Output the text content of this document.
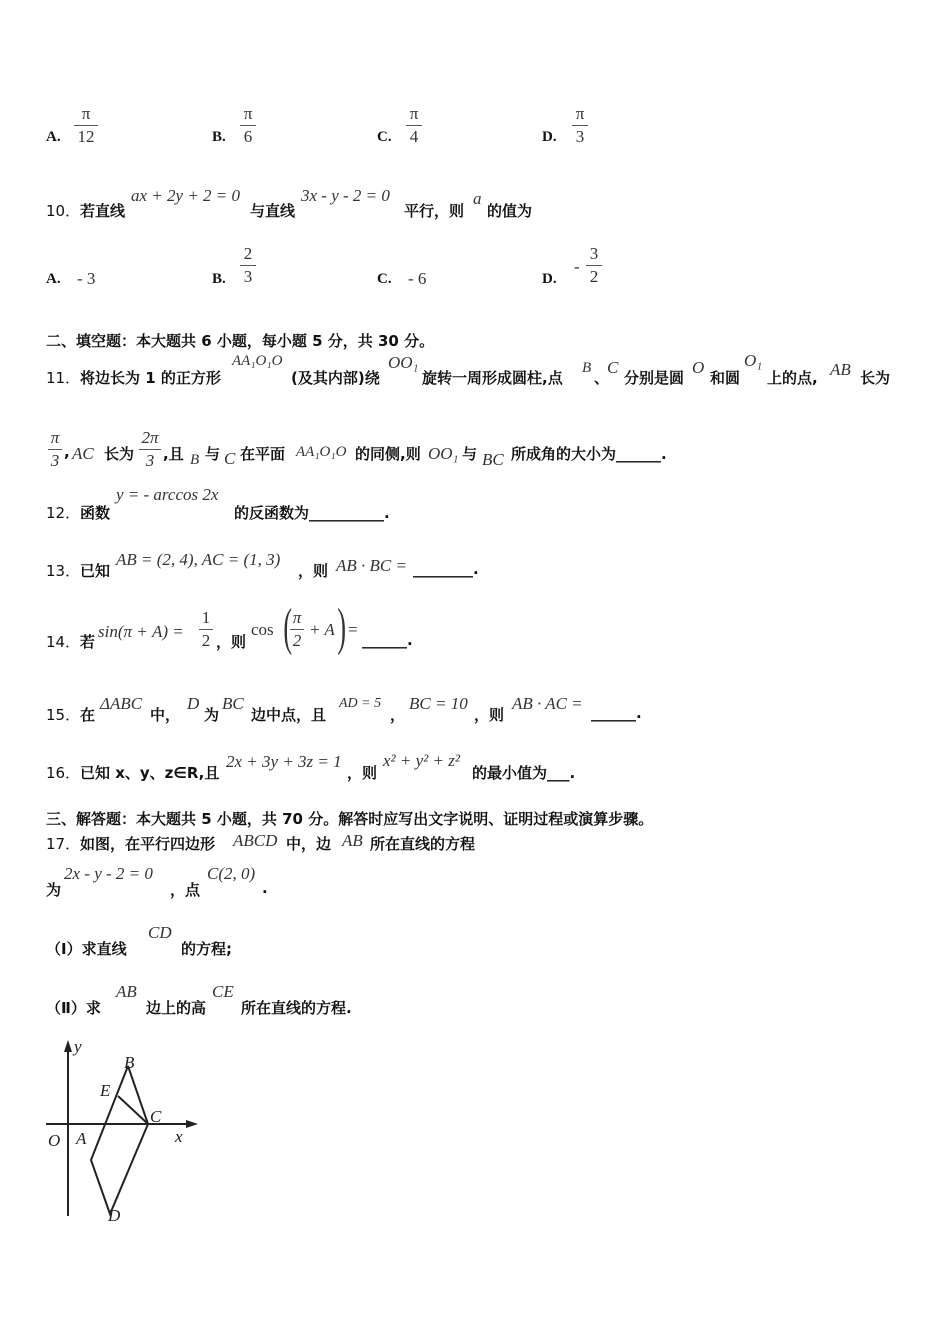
A.
π
12	B.
π
6	C.
π
4	D.
π
3
10． 若直线
ax + 2y + 2 = 0
与直线
3x - y - 2 = 0
平行，则
a
的值为
A. - 3	B.
2
3	C. - 6	D.
-
3
2
二、填空题：本大题共 6 小题，每小题 5 分，共 30 分。
11． 将边长为 1 的正方形
AA₁O₁O
(及其内部)绕
OO₁
旋转一周形成圆柱,点
B
、
C
分别是圆
O
和圆
O₁
上的点, AB 长为
π
3 , AC 长为
2π
3 ,且 B 与 C 在平面 AA₁O₁O 的同侧,则 OO₁ 与 BC 所成角的大小为______.
12． 函数
y = - arccos 2x
的反函数为__________.
13． 已知
AB = (2, 4), AC = (1, 3)
，则 AB · BC = ________.
14． 若
sin(π + A) =
1
2 ，则
cos ( π
2
+ A ) =
______.
15． 在
ΔABC
中，
D
为
BC
边中点，且
AD = 5
，
BC = 10
，则
AB · AC = ______.
16． 已知 x、y、z∈R,且
2x + 3y + 3z = 1
，则
x² + y² + z²
的最小值为___.
三、解答题：本大题共 5 小题，共 70 分。解答时应写出文字说明、证明过程或演算步骤。
17． 如图，在平行四边形 ABCD 中，边 AB 所在直线的方程
为
2x - y - 2 = 0
，点
C(2, 0)
.
（Ⅰ）求直线
CD
的方程;
（Ⅱ）求
AB
边上的高
CE
所在直线的方程.
y
B
E
C
O A	x
D
